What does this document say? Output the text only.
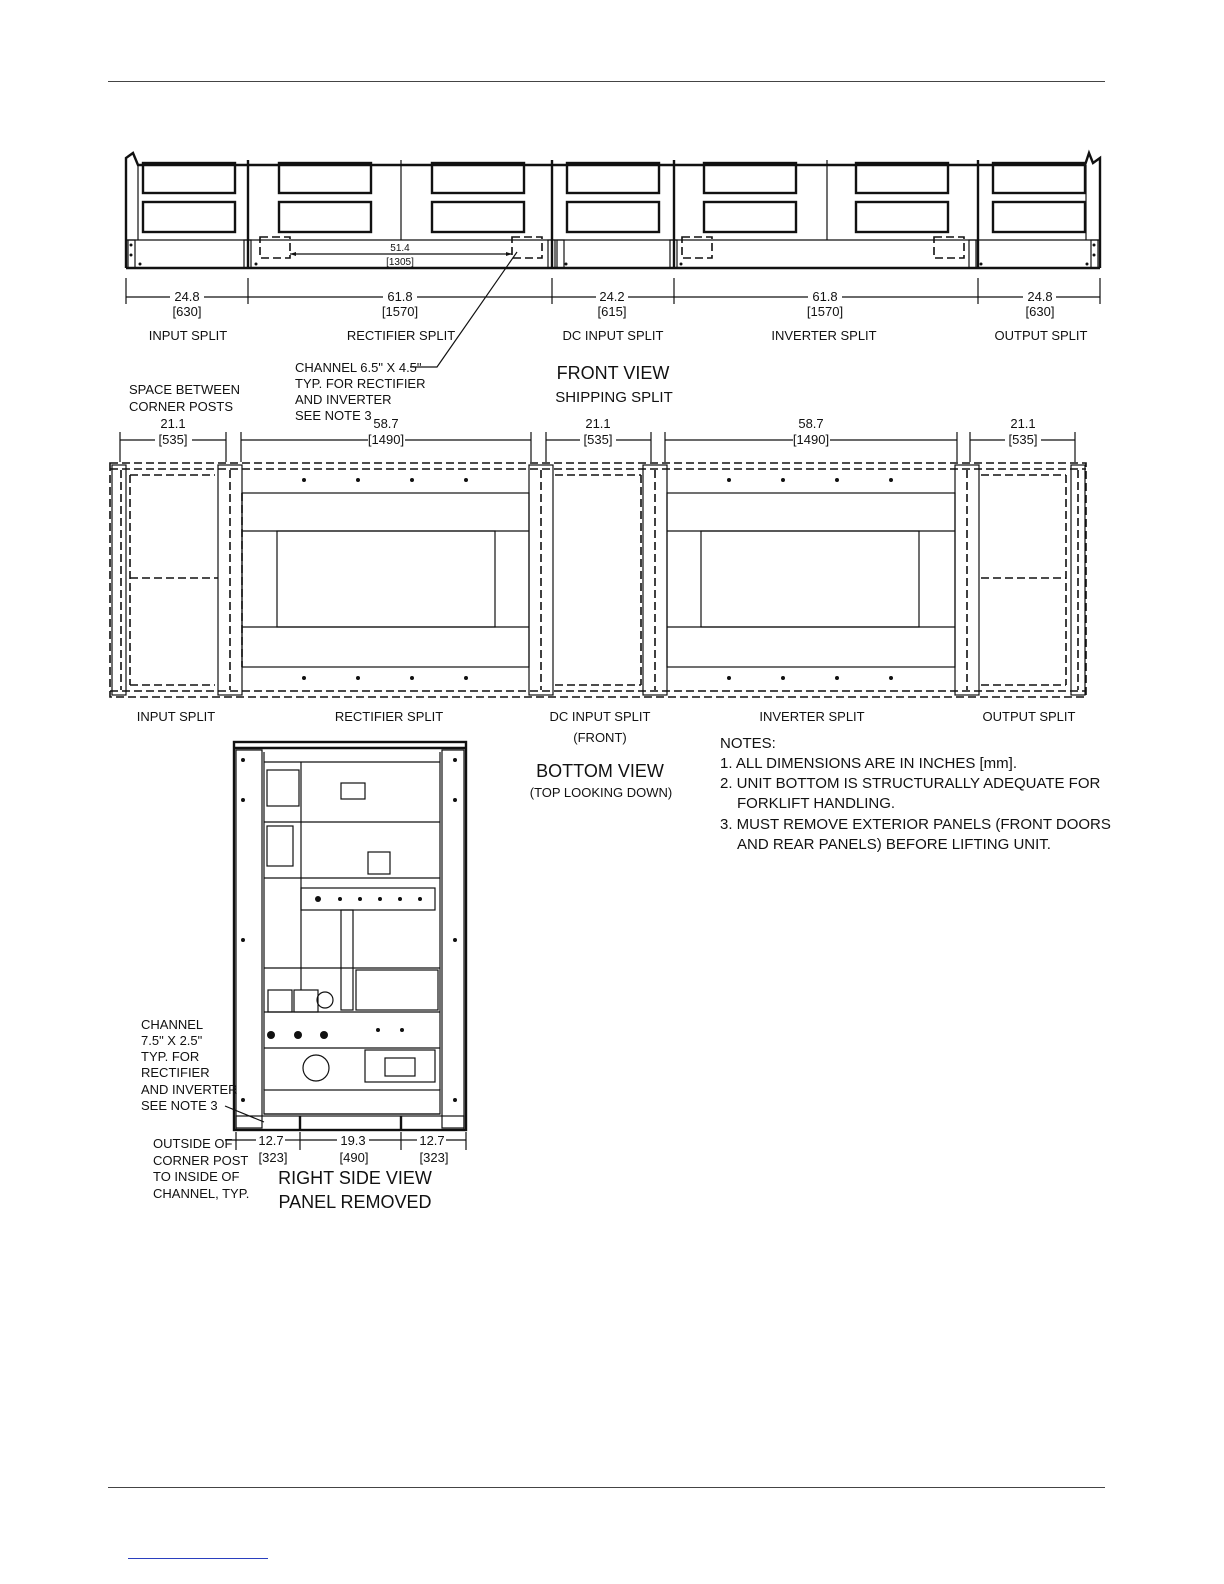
51.4
[1305]
24.8
[630]
61.8
[1570]
24.2
[615]
61.8
[1570]
24.8
[630]
INPUT SPLIT	RECTIFIER SPLIT	DC INPUT SPLIT	INVERTER SPLIT	OUTPUT SPLIT
CHANNEL 6.5" X 4.5"
TYP. FOR RECTIFIER
AND INVERTER
SEE NOTE 3
FRONT VIEW
SHIPPING SPLIT
SPACE BETWEEN
CORNER POSTS
21.1
[535]
58.7
[1490]
21.1
[535]
58.7
[1490]
21.1
[535]
INPUT SPLIT	RECTIFIER SPLIT	DC INPUT SPLIT	INVERTER SPLIT	OUTPUT SPLIT
(FRONT)
BOTTOM VIEW
(TOP LOOKING DOWN)
NOTES:
1. ALL DIMENSIONS ARE IN INCHES [mm].
2. UNIT BOTTOM IS STRUCTURALLY ADEQUATE FOR
FORKLIFT HANDLING.
3. MUST REMOVE EXTERIOR PANELS (FRONT DOORS
AND REAR PANELS) BEFORE LIFTING UNIT.
12.7
[323]
19.3
[490]
12.7
[323]
CHANNEL
7.5" X 2.5"
TYP. FOR
RECTIFIER
AND INVERTER
SEE NOTE 3
OUTSIDE OF
CORNER POST
TO INSIDE OF
CHANNEL, TYP.
RIGHT SIDE VIEW
PANEL REMOVED
